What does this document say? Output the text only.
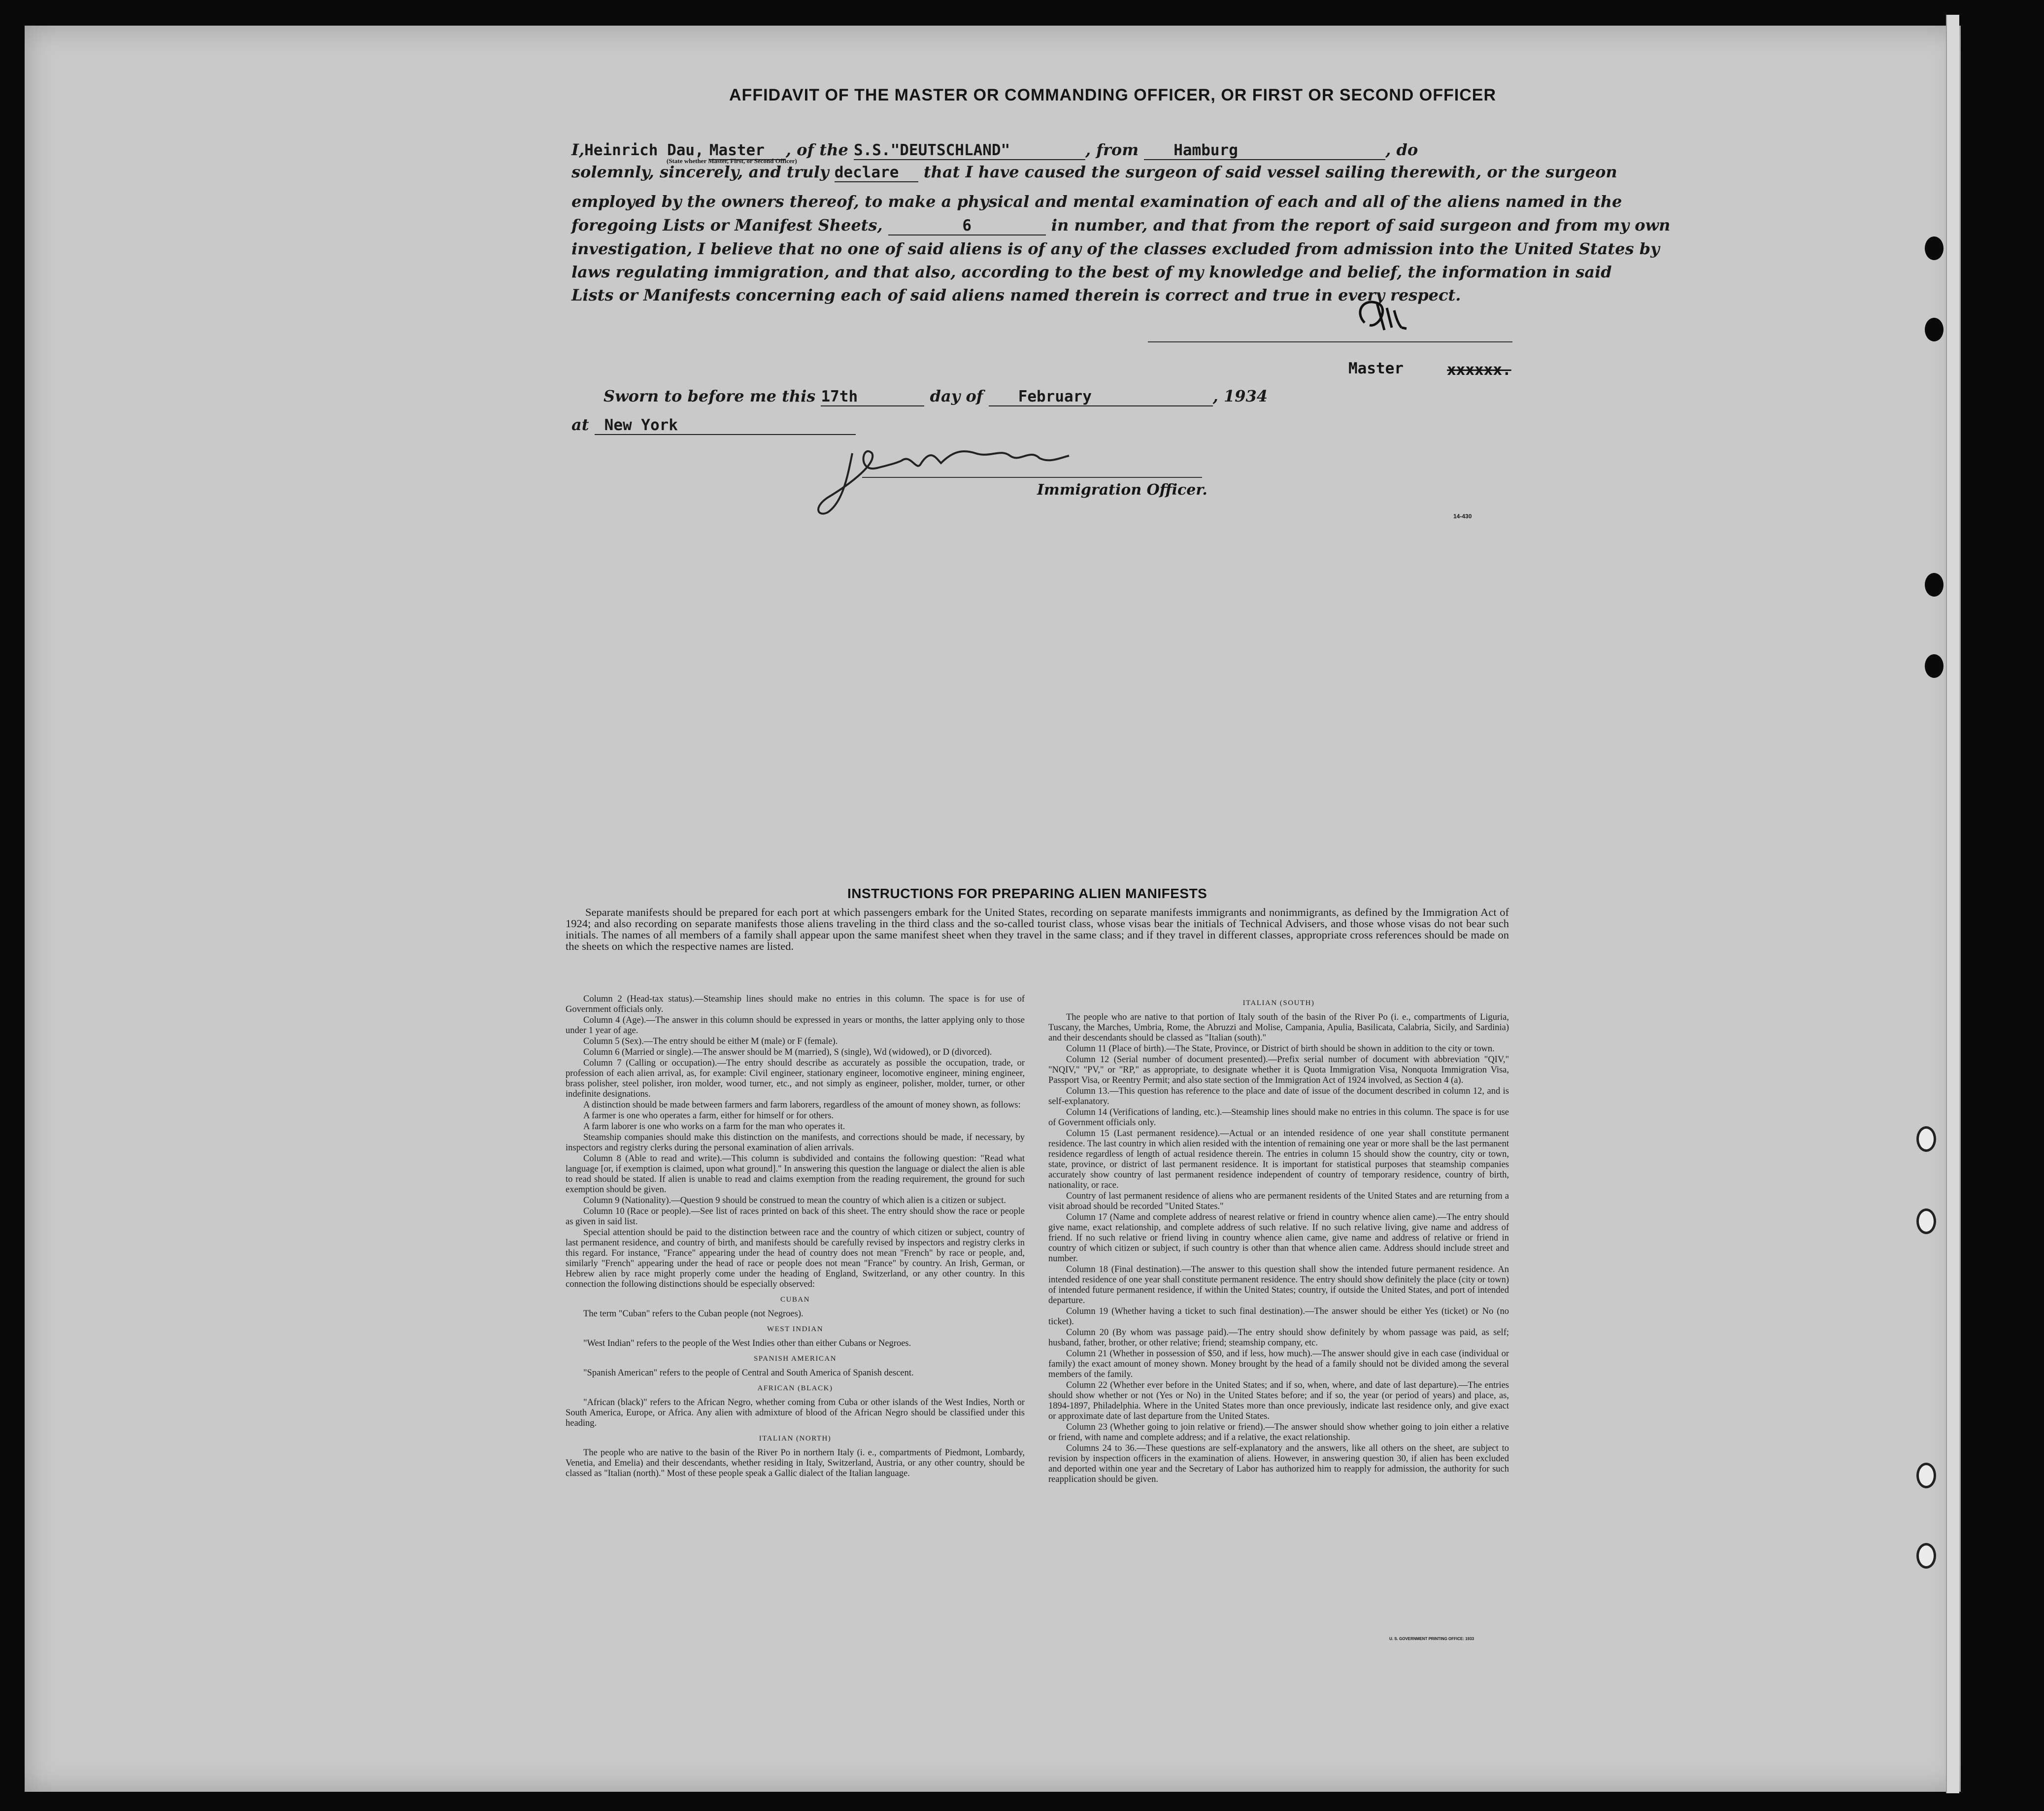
AFFIDAVIT OF THE MASTER OR COMMANDING OFFICER, OR FIRST OR SECOND OFFICER
I,Heinrich Dau, Master , of the S.S."DEUTSCHLAND"	, from Hamburg	, do
(State whether Master, First, or Second Officer)
solemnly, sincerely, and truly declare that I have caused the surgeon of said vessel sailing therewith, or the surgeon
employed by the owners thereof, to make a physical and mental examination of each and all of the aliens named in the
foregoing Lists or Manifest Sheets,	6	in number, and that from the report of said surgeon and from my own
investigation, I believe that no one of said aliens is of any of the classes excluded from admission into the United States by
laws regulating immigration, and that also, according to the best of my knowledge and belief, the information in said
Lists or Manifests concerning each of said aliens named therein is correct and true in every respect.
Master	xxxxxx.
Sworn to before me this 17th	day of February	, 1934
at New York
Immigration Officer.
14-430
INSTRUCTIONS FOR PREPARING ALIEN MANIFESTS
Separate manifests should be prepared for each port at which passengers embark for the United States, recording on separate manifests immigrants and nonimmigrants, as defined by the Immigration Act of 1924; and also recording on separate manifests those aliens traveling in the third class and the so-called tourist class, whose visas bear the initials of Technical Advisers, and those whose visas do not bear such initials. The names of all members of a family shall appear upon the same manifest sheet when they travel in the same class; and if they travel in different classes, appropriate cross references should be made on the sheets on which the respective names are listed.

Column 2 (Head-tax status).—Steamship lines should make no entries in this column. The space is for use of Government officials only.

Column 4 (Age).—The answer in this column should be expressed in years or months, the latter applying only to those under 1 year of age.

Column 5 (Sex).—The entry should be either M (male) or F (female).

Column 6 (Married or single).—The answer should be M (married), S (single), Wd (widowed), or D (divorced).

Column 7 (Calling or occupation).—The entry should describe as accurately as possible the occupation, trade, or profession of each alien arrival, as, for example: Civil engineer, stationary engineer, locomotive engineer, mining engineer, brass polisher, steel polisher, iron molder, wood turner, etc., and not simply as engineer, polisher, molder, turner, or other indefinite designations.

A distinction should be made between farmers and farm laborers, regardless of the amount of money shown, as follows:

A farmer is one who operates a farm, either for himself or for others.

A farm laborer is one who works on a farm for the man who operates it.

Steamship companies should make this distinction on the manifests, and corrections should be made, if necessary, by inspectors and registry clerks during the personal examination of alien arrivals.

Column 8 (Able to read and write).—This column is subdivided and contains the following question: "Read what language [or, if exemption is claimed, upon what ground]." In answering this question the language or dialect the alien is able to read should be stated. If alien is unable to read and claims exemption from the reading requirement, the ground for such exemption should be given.

Column 9 (Nationality).—Question 9 should be construed to mean the country of which alien is a citizen or subject.

Column 10 (Race or people).—See list of races printed on back of this sheet. The entry should show the race or people as given in said list.

Special attention should be paid to the distinction between race and the country of which citizen or subject, country of last permanent residence, and country of birth, and manifests should be carefully revised by inspectors and registry clerks in this regard. For instance, "France" appearing under the head of country does not mean "French" by race or people, and, similarly "French" appearing under the head of race or people does not mean "France" by country. An Irish, German, or Hebrew alien by race might properly come under the heading of England, Switzerland, or any other country. In this connection the following distinctions should be especially observed:

CUBAN

The term "Cuban" refers to the Cuban people (not Negroes).

WEST INDIAN

"West Indian" refers to the people of the West Indies other than either Cubans or Negroes.

SPANISH AMERICAN

"Spanish American" refers to the people of Central and South America of Spanish descent.

AFRICAN (BLACK)

"African (black)" refers to the African Negro, whether coming from Cuba or other islands of the West Indies, North or South America, Europe, or Africa. Any alien with admixture of blood of the African Negro should be classified under this heading.

ITALIAN (NORTH)

The people who are native to the basin of the River Po in northern Italy (i. e., compartments of Piedmont, Lombardy, Venetia, and Emelia) and their descendants, whether residing in Italy, Switzerland, Austria, or any other country, should be classed as "Italian (north)." Most of these people speak a Gallic dialect of the Italian language.

ITALIAN (SOUTH)

The people who are native to that portion of Italy south of the basin of the River Po (i. e., compartments of Liguria, Tuscany, the Marches, Umbria, Rome, the Abruzzi and Molise, Campania, Apulia, Basilicata, Calabria, Sicily, and Sardinia) and their descendants should be classed as "Italian (south)."

Column 11 (Place of birth).—The State, Province, or District of birth should be shown in addition to the city or town.

Column 12 (Serial number of document presented).—Prefix serial number of document with abbreviation "QIV," "NQIV," "PV," or "RP," as appropriate, to designate whether it is Quota Immigration Visa, Nonquota Immigration Visa, Passport Visa, or Reentry Permit; and also state section of the Immigration Act of 1924 involved, as Section 4 (a).

Column 13.—This question has reference to the place and date of issue of the document described in column 12, and is self-explanatory.

Column 14 (Verifications of landing, etc.).—Steamship lines should make no entries in this column. The space is for use of Government officials only.

Column 15 (Last permanent residence).—Actual or an intended residence of one year shall constitute permanent residence. The last country in which alien resided with the intention of remaining one year or more shall be the last permanent residence regardless of length of actual residence therein. The entries in column 15 should show the country, city or town, state, province, or district of last permanent residence. It is important for statistical purposes that steamship companies accurately show country of last permanent residence independent of country of temporary residence, country of birth, nationality, or race.

Country of last permanent residence of aliens who are permanent residents of the United States and are returning from a visit abroad should be recorded "United States."

Column 17 (Name and complete address of nearest relative or friend in country whence alien came).—The entry should give name, exact relationship, and complete address of such relative. If no such relative living, give name and address of friend. If no such relative or friend living in country whence alien came, give name and address of relative or friend in country of which citizen or subject, if such country is other than that whence alien came. Address should include street and number.

Column 18 (Final destination).—The answer to this question shall show the intended future permanent residence. An intended residence of one year shall constitute permanent residence. The entry should show definitely the place (city or town) of intended future permanent residence, if within the United States; country, if outside the United States, and port of intended departure.

Column 19 (Whether having a ticket to such final destination).—The answer should be either Yes (ticket) or No (no ticket).

Column 20 (By whom was passage paid).—The entry should show definitely by whom passage was paid, as self; husband, father, brother, or other relative; friend; steamship company, etc.

Column 21 (Whether in possession of $50, and if less, how much).—The answer should give in each case (individual or family) the exact amount of money shown. Money brought by the head of a family should not be divided among the several members of the family.

Column 22 (Whether ever before in the United States; and if so, when, where, and date of last departure).—The entries should show whether or not (Yes or No) in the United States before; and if so, the year (or period of years) and place, as, 1894-1897, Philadelphia. Where in the United States more than once previously, indicate last residence only, and give exact or approximate date of last departure from the United States.

Column 23 (Whether going to join relative or friend).—The answer should show whether going to join either a relative or friend, with name and complete address; and if a relative, the exact relationship.

Columns 24 to 36.—These questions are self-explanatory and the answers, like all others on the sheet, are subject to revision by inspection officers in the examination of aliens. However, in answering question 30, if alien has been excluded and deported within one year and the Secretary of Labor has authorized him to reapply for admission, the authority for such reapplication should be given.

U. S. GOVERNMENT PRINTING OFFICE: 1933
